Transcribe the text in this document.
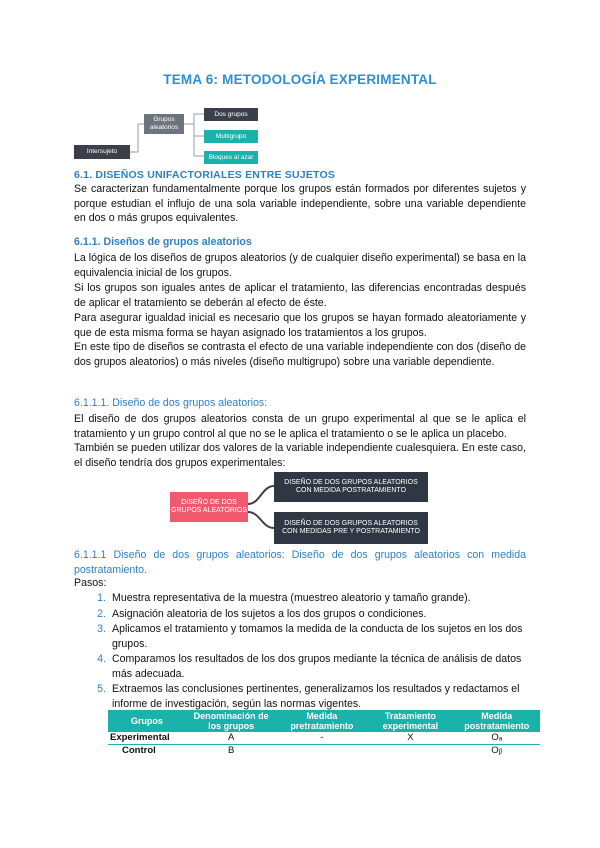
TEMA 6: METODOLOGÍA EXPERIMENTAL
Intersujeto
Grupos aleatorios
Dos grupos
Multigrupo
Bloques al azar
6.1. DISEÑOS UNIFACTORIALES ENTRE SUJETOS

Se caracterizan fundamentalmente porque los grupos están formados por diferentes sujetos y porque estudian el influjo de una sola variable independiente, sobre una variable dependiente en dos o más grupos equivalentes.

6.1.1. Diseños de grupos aleatorios

La lógica de los diseños de grupos aleatorios (y de cualquier diseño experimental) se basa en la equivalencia inicial de los grupos.

Si los grupos son iguales antes de aplicar el tratamiento, las diferencias encontradas después de aplicar el tratamiento se deberán al efecto de éste.

Para asegurar igualdad inicial es necesario que los grupos se hayan formado aleatoriamente y que de esta misma forma se hayan asignado los tratamientos a los grupos.

En este tipo de diseños se contrasta el efecto de una variable independiente con dos (diseño de dos grupos aleatorios) o más niveles (diseño multigrupo) sobre una variable dependiente.

6.1.1.1. Diseño de dos grupos aleatorios:

El diseño de dos grupos aleatorios consta de un grupo experimental al que se le aplica el tratamiento y un grupo control al que no se le aplica el tratamiento o se le aplica un placebo.

También se pueden utilizar dos valores de la variable independiente cualesquiera. En este caso, el diseño tendría dos grupos experimentales:

DISEÑO DE DOS GRUPOS ALEATORIOS
DISEÑO DE DOS GRUPOS ALEATORIOS CON MEDIDA POSTRATAMIENTO
DISEÑO DE DOS GRUPOS ALEATORIOS CON MEDIDAS PRE Y POSTRATAMIENTO
6.1.1.1 Diseño de dos grupos aleatorios: Diseño de dos grupos aleatorios con medida postratamiento.
Pasos:
1. Muestra representativa de la muestra (muestreo aleatorio y tamaño grande).
2. Asignación aleatoria de los sujetos a los dos grupos o condiciones.
3. Aplicamos el tratamiento y tomamos la medida de la conducta de los sujetos en los dos grupos.
4. Comparamos los resultados de los dos grupos mediante la técnica de análisis de datos más adecuada.
5. Extraemos las conclusiones pertinentes, generalizamos los resultados y redactamos el informe de investigación, según las normas vigentes.
Grupos	Denominación de los grupos	Medida pretratamiento	Tratamiento experimental	Medida postratamiento
Experimental	A	-	X	Oₐ
Control	B			Oᵦ
